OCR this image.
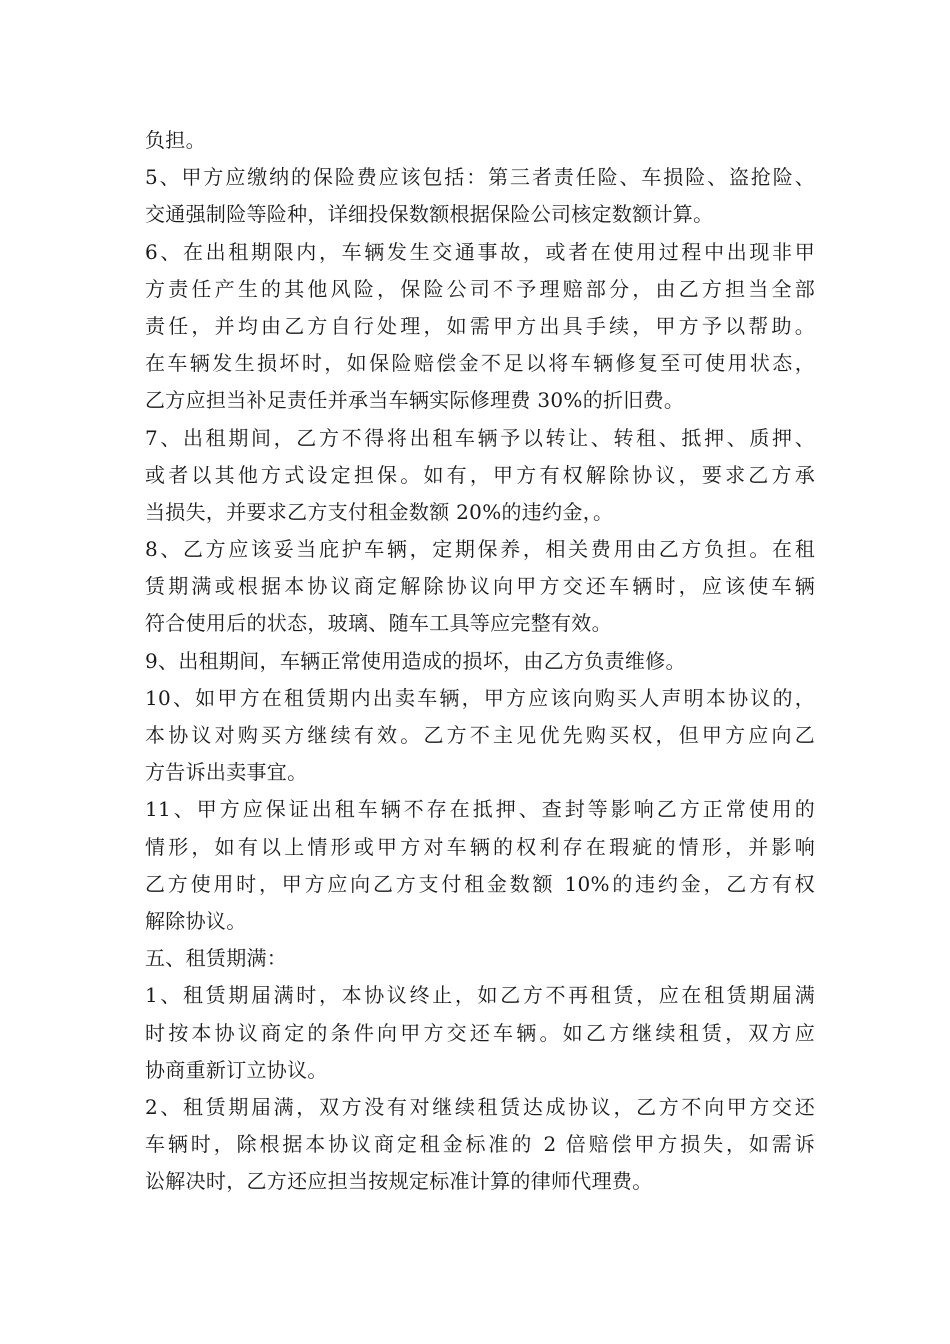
负担。
5、甲方应缴纳的保险费应该包括：第三者责任险、车损险、盗抢险、
交通强制险等险种，详细投保数额根据保险公司核定数额计算。
6、在出租期限内，车辆发生交通事故，或者在使用过程中出现非甲
方责任产生的其他风险，保险公司不予理赔部分，由乙方担当全部
责任，并均由乙方自行处理，如需甲方出具手续，甲方予以帮助。
在车辆发生损坏时，如保险赔偿金不足以将车辆修复至可使用状态，
乙方应担当补足责任并承当车辆实际修理费 30%的折旧费。
7、出租期间，乙方不得将出租车辆予以转让、转租、抵押、质押、
或者以其他方式设定担保。如有，甲方有权解除协议，要求乙方承
当损失，并要求乙方支付租金数额 20%的违约金，。
8、乙方应该妥当庇护车辆，定期保养，相关费用由乙方负担。在租
赁期满或根据本协议商定解除协议向甲方交还车辆时，应该使车辆
符合使用后的状态，玻璃、随车工具等应完整有效。
9、出租期间，车辆正常使用造成的损坏，由乙方负责维修。
10、如甲方在租赁期内出卖车辆，甲方应该向购买人声明本协议的，
本协议对购买方继续有效。乙方不主见优先购买权，但甲方应向乙
方告诉出卖事宜。
11、甲方应保证出租车辆不存在抵押、查封等影响乙方正常使用的
情形，如有以上情形或甲方对车辆的权利存在瑕疵的情形，并影响
乙方使用时，甲方应向乙方支付租金数额 10%的违约金，乙方有权
解除协议。
五、租赁期满：
1、租赁期届满时，本协议终止，如乙方不再租赁，应在租赁期届满
时按本协议商定的条件向甲方交还车辆。如乙方继续租赁，双方应
协商重新订立协议。
2、租赁期届满，双方没有对继续租赁达成协议，乙方不向甲方交还
车辆时，除根据本协议商定租金标准的 2 倍赔偿甲方损失，如需诉
讼解决时，乙方还应担当按规定标准计算的律师代理费。
